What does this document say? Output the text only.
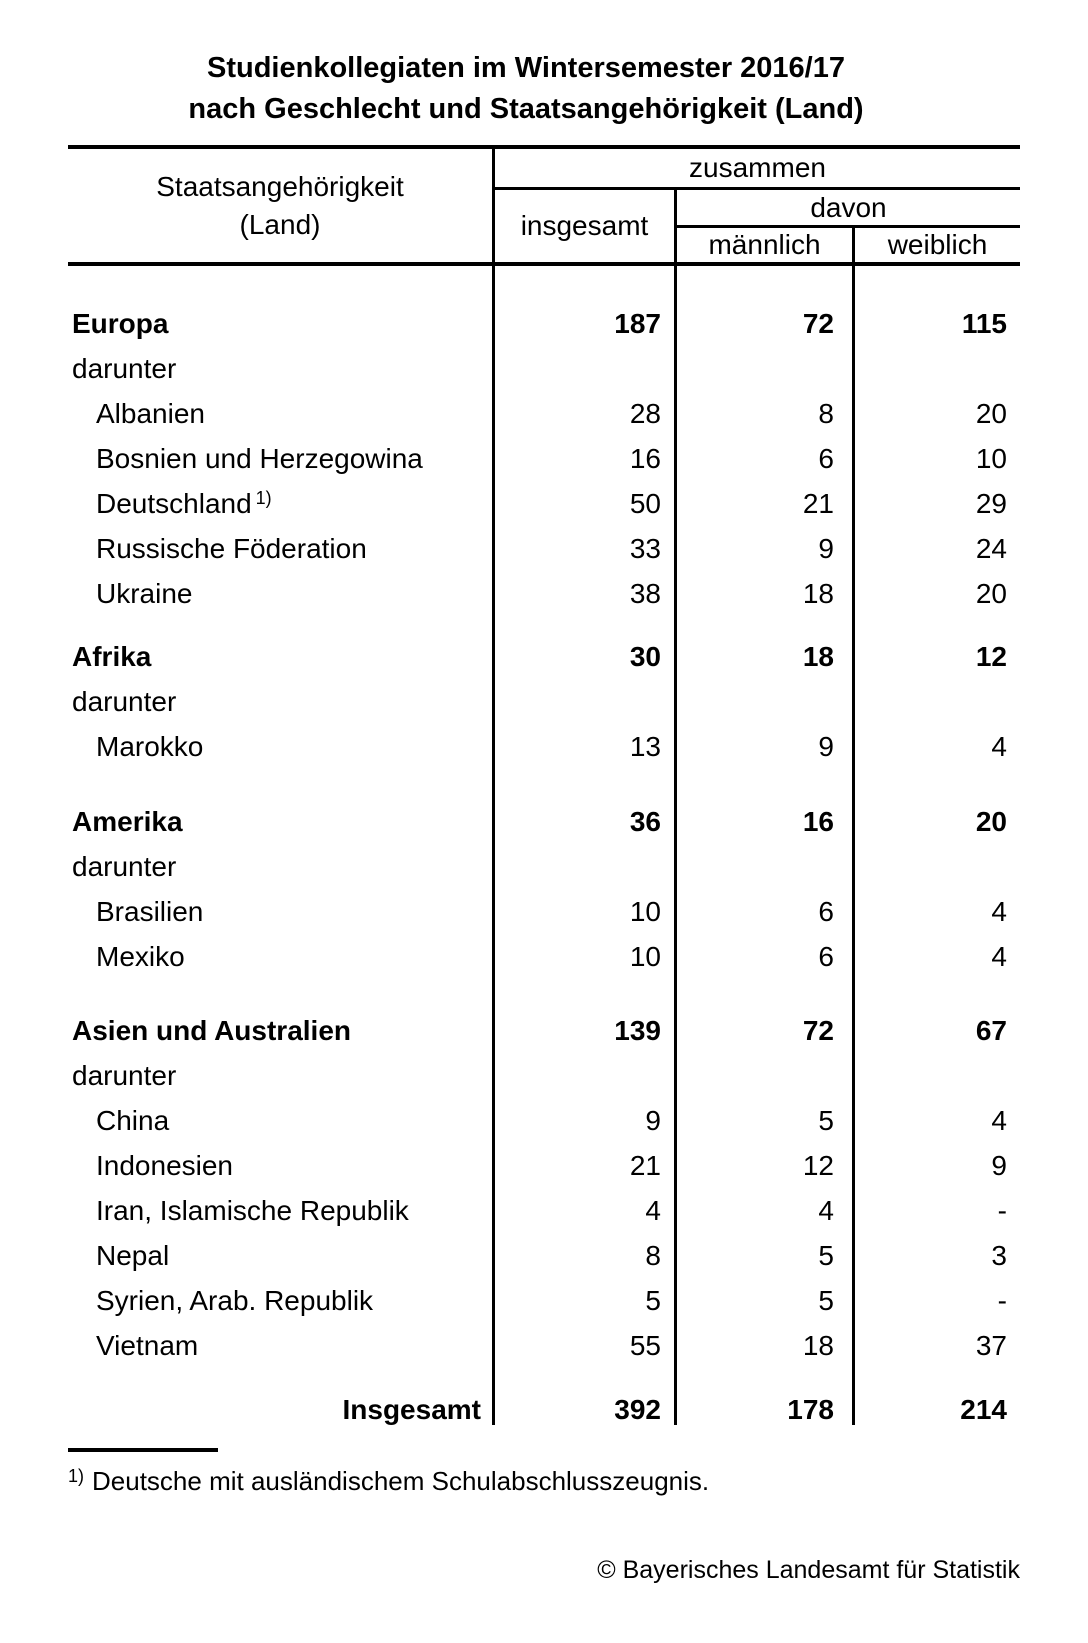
Studienkollegiaten im Wintersemester 2016/17
nach Geschlecht und Staatsangehörigkeit (Land)
Staatsangehörigkeit
(Land)
zusammen
insgesamt
davon
männlich	weiblich
Europa	187	72	115
darunter
Albanien	28	8	20
Bosnien und Herzegowina	16	6	10
Deutschland $^{1)}$	50	21	29
Russische Föderation	33	9	24
Ukraine	38	18	20
Afrika	30	18	12
darunter
Marokko	13	9	4
Amerika	36	16	20
darunter
Brasilien	10	6	4
Mexiko	10	6	4
Asien und Australien	139	72	67
darunter
China	9	5	4
Indonesien	21	12	9
Iran, Islamische Republik	4	4	-
Nepal	8	5	3
Syrien, Arab. Republik	5	5	-
Vietnam	55	18	37
Insgesamt	392	178	214
$^{1)}$ Deutsche mit ausländischem Schulabschlusszeugnis.
© Bayerisches Landesamt für Statistik
